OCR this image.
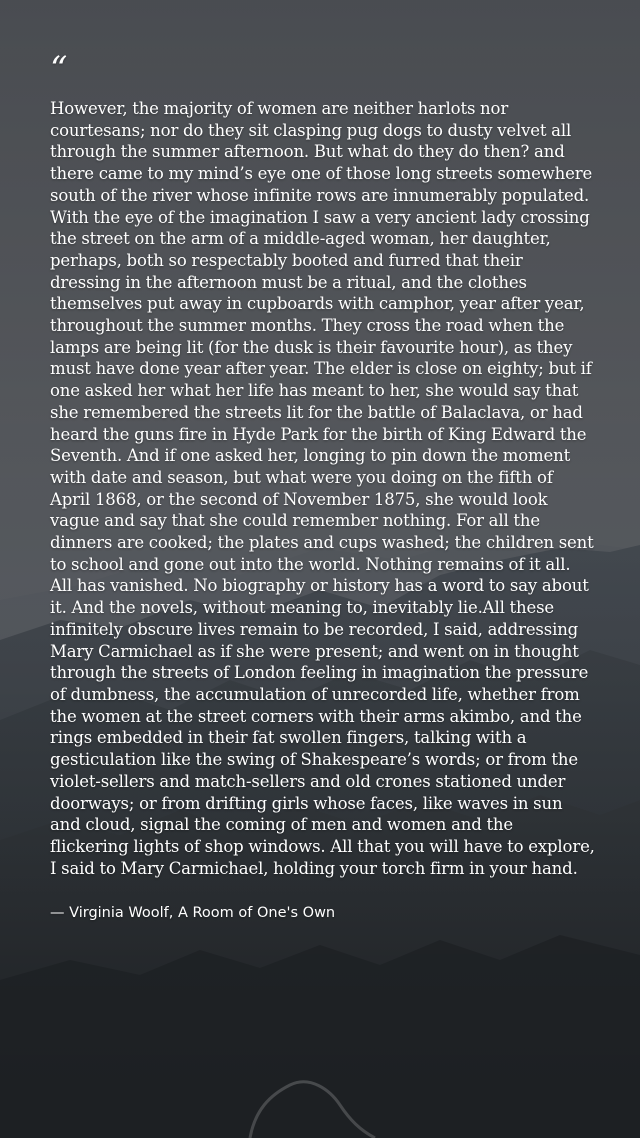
“

However, the majority of women are neither harlots nor courtesans; nor do they sit clasping pug dogs to dusty velvet all through the summer afternoon. But what do they do then? and there came to my mind’s eye one of those long streets somewhere south of the river whose infinite rows are innumerably populated. With the eye of the imagination I saw a very ancient lady crossing the street on the arm of a middle-aged woman, her daughter, perhaps, both so respectably booted and furred that their dressing in the afternoon must be a ritual, and the clothes themselves put away in cupboards with camphor, year after year, throughout the summer months. They cross the road when the lamps are being lit (for the dusk is their favourite hour), as they must have done year after year. The elder is close on eighty; but if one asked her what her life has meant to her, she would say that she remembered the streets lit for the battle of Balaclava, or had heard the guns fire in Hyde Park for the birth of King Edward the Seventh. And if one asked her, longing to pin down the moment with date and season, but what were you doing on the fifth of April 1868, or the second of November 1875, she would look vague and say that she could remember nothing. For all the dinners are cooked; the plates and cups washed; the children sent to school and gone out into the world. Nothing remains of it all. All has vanished. No biography or history has a word to say about it. And the novels, without meaning to, inevitably lie.All these infinitely obscure lives remain to be recorded, I said, addressing Mary Carmichael as if she were present; and went on in thought through the streets of London feeling in imagination the pressure of dumbness, the accumulation of unrecorded life, whether from the women at the street corners with their arms akimbo, and the rings embedded in their fat swollen fingers, talking with a gesticulation like the swing of Shakespeare’s words; or from the violet-sellers and match-sellers and old crones stationed under doorways; or from drifting girls whose faces, like waves in sun and cloud, signal the coming of men and women and the flickering lights of shop windows. All that you will have to explore, I said to Mary Carmichael, holding your torch firm in your hand.

— Virginia Woolf, A Room of One's Own
